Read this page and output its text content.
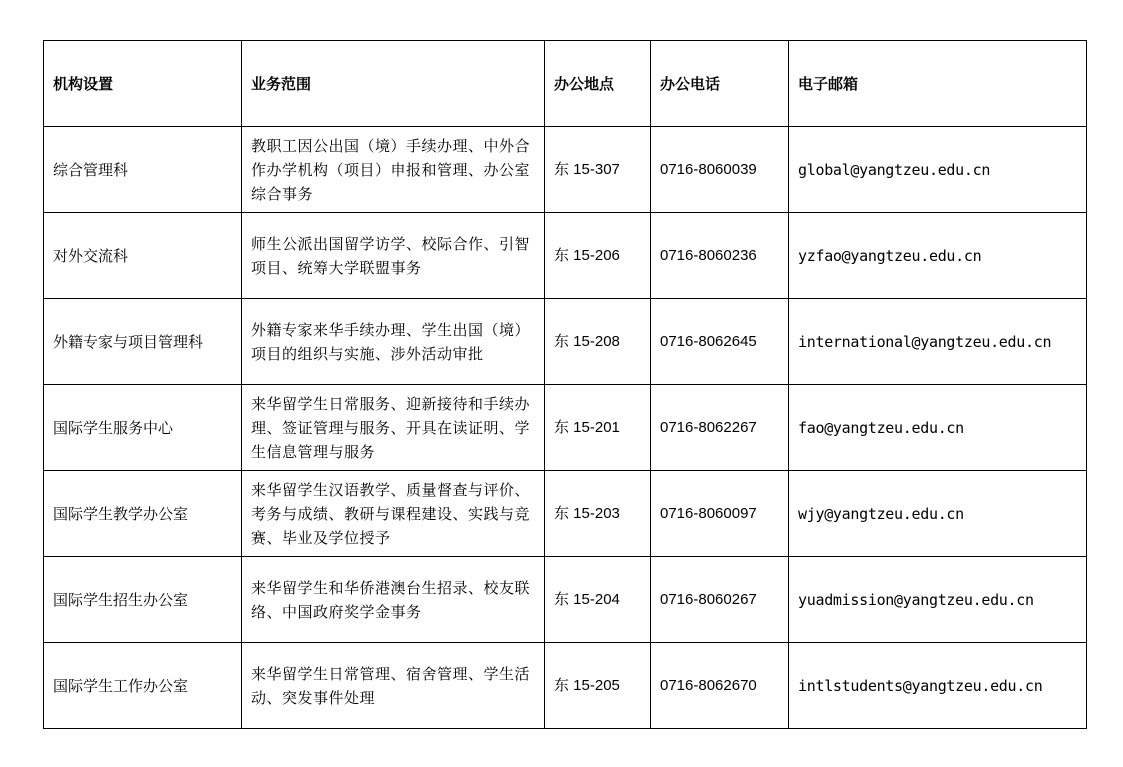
机构设置	业务范围	办公地点	办公电话	电子邮箱
综合管理科	教职工因公出国（境）手续办理、中外合作办学机构（项目）申报和管理、办公室综合事务	东 15-307	0716-8060039	global@yangtzeu.edu.cn
对外交流科	师生公派出国留学访学、校际合作、引智项目、统筹大学联盟事务	东 15-206	0716-8060236	yzfao@yangtzeu.edu.cn
外籍专家与项目管理科	外籍专家来华手续办理、学生出国（境）项目的组织与实施、涉外活动审批	东 15-208	0716-8062645	international@yangtzeu.edu.cn
国际学生服务中心	来华留学生日常服务、迎新接待和手续办理、签证管理与服务、开具在读证明、学生信息管理与服务	东 15-201	0716-8062267	fao@yangtzeu.edu.cn
国际学生教学办公室	来华留学生汉语教学、质量督查与评价、考务与成绩、教研与课程建设、实践与竞赛、毕业及学位授予	东 15-203	0716-8060097	wjy@yangtzeu.edu.cn
国际学生招生办公室	来华留学生和华侨港澳台生招录、校友联络、中国政府奖学金事务	东 15-204	0716-8060267	yuadmission@yangtzeu.edu.cn
国际学生工作办公室	来华留学生日常管理、宿舍管理、学生活动、突发事件处理	东 15-205	0716-8062670	intlstudents@yangtzeu.edu.cn
